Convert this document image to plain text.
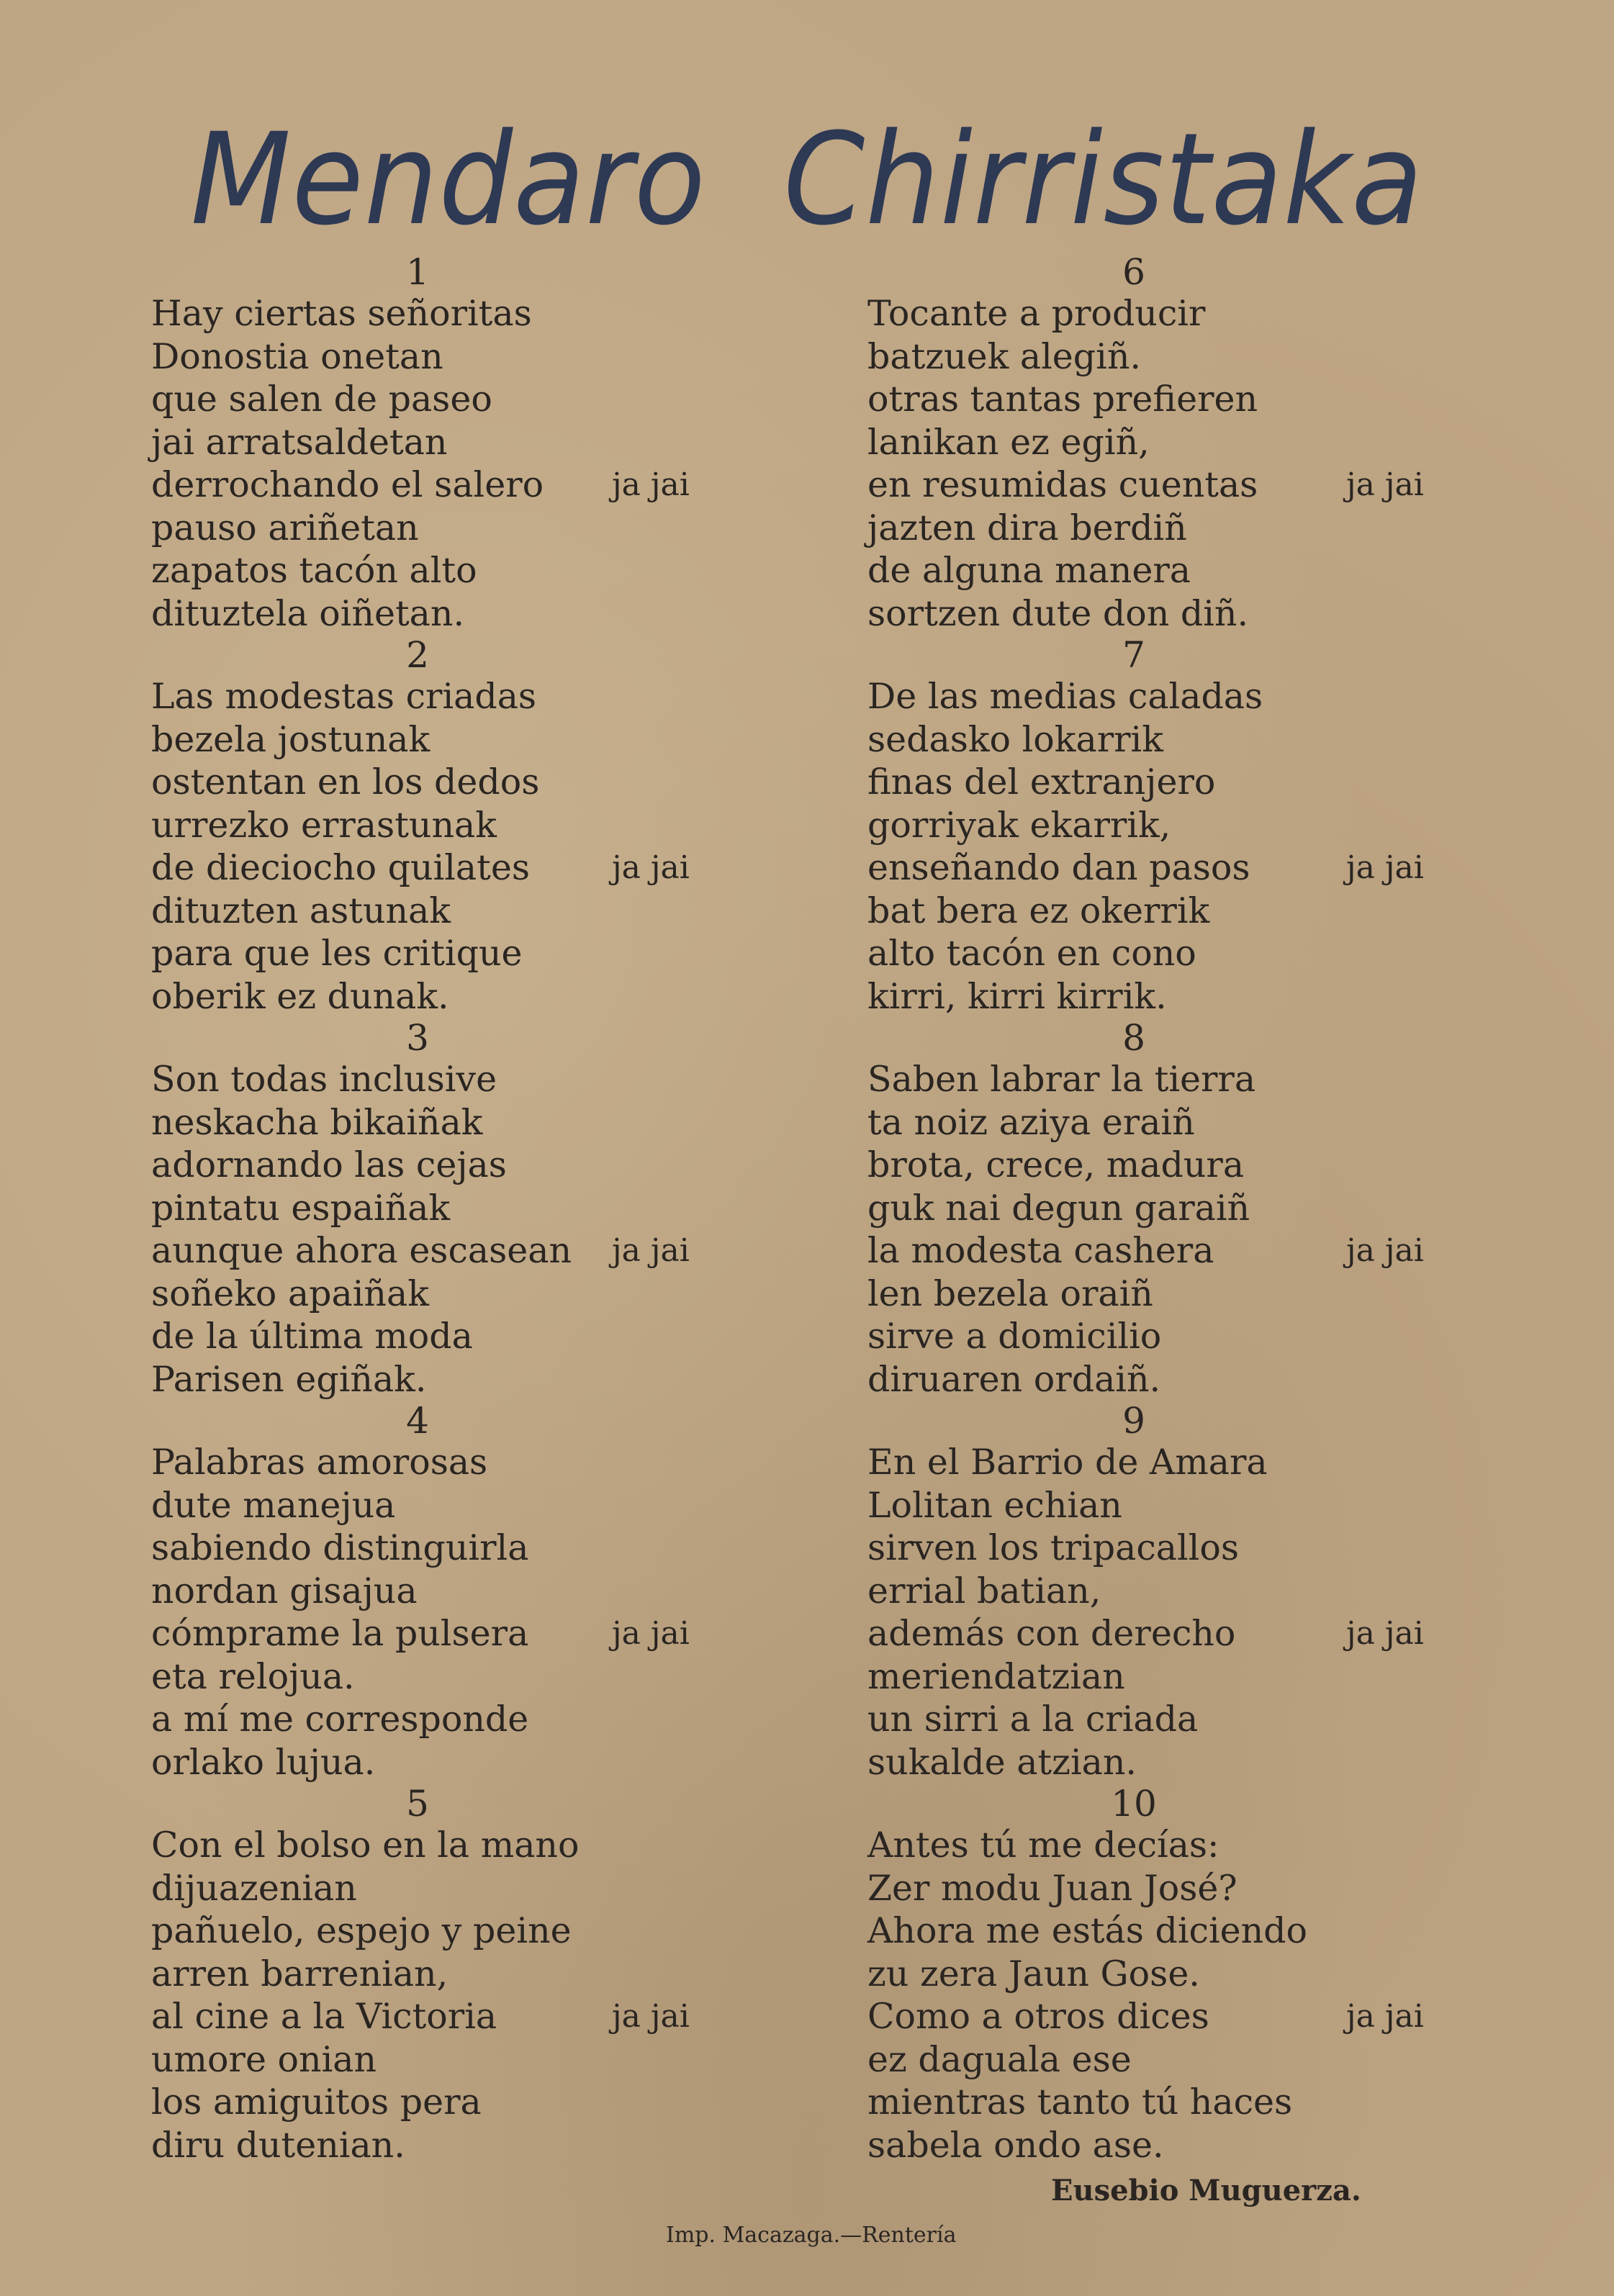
Mendaro Chirristaka
1
Hay ciertas señoritas
Donostia onetan
que salen de paseo
jai arratsaldetan
derrochando el salero ja jai
pauso ariñetan
zapatos tacón alto
dituztela oiñetan.
2
Las modestas criadas
bezela jostunak
ostentan en los dedos
urrezko errastunak
de dieciocho quilates	ja jai
dituzten astunak
para que les critique
oberik ez dunak.
3
Son todas inclusive
neskacha bikaiñak
adornando las cejas
pintatu espaiñak
aunque ahora escasean ja jai
soñeko apaiñak
de la última moda
Parisen egiñak.
4
Palabras amorosas
dute manejua
sabiendo distinguirla
nordan gisajua
cómprame la pulsera	ja jai
eta relojua.
a mí me corresponde
orlako lujua.
5
Con el bolso en la mano
dijuazenian
pañuelo, espejo y peine
arren barrenian,
al cine a la Victoria	ja jai
umore onian
los amiguitos pera
diru dutenian.
6
Tocante a producir
batzuek alegiñ.
otras tantas prefieren
lanikan ez egiñ,
en resumidas cuentas	ja jai
jazten dira berdiñ
de alguna manera
sortzen dute don diñ.
7
De las medias caladas
sedasko lokarrik
finas del extranjero
gorriyak ekarrik,
enseñando dan pasos	ja jai
bat bera ez okerrik
alto tacón en cono
kirri, kirri kirrik.
8
Saben labrar la tierra
ta noiz aziya eraiñ
brota, crece, madura
guk nai degun garaiñ
la modesta cashera	ja jai
len bezela oraiñ
sirve a domicilio
diruaren ordaiñ.
9
En el Barrio de Amara
Lolitan echian
sirven los tripacallos
errial batian,
además con derecho	ja jai
meriendatzian
un sirri a la criada
sukalde atzian.
10
Antes tú me decías:
Zer modu Juan José?
Ahora me estás diciendo
zu zera Jaun Gose.
Como a otros dices	ja jai
ez daguala ese
mientras tanto tú haces
sabela ondo ase.
Eusebio Muguerza.
Imp. Macazaga.—Rentería
